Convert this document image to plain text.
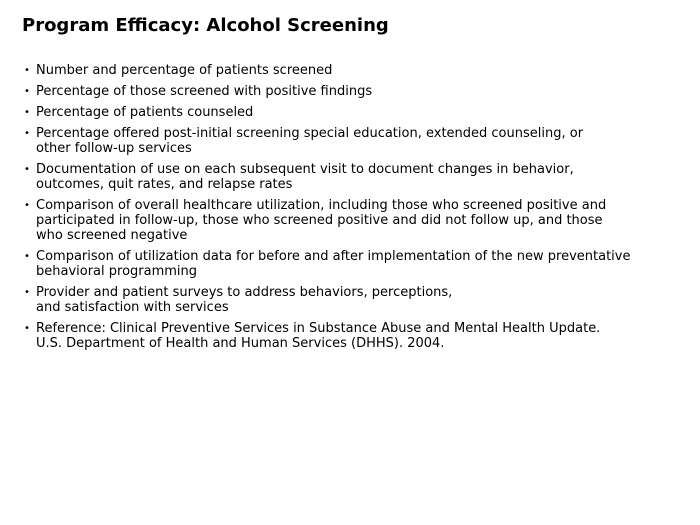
Program Efficacy: Alcohol Screening
• Number and percentage of patients screened
• Percentage of those screened with positive findings
• Percentage of patients counseled
• Percentage offered post-initial screening special education, extended counseling, or
other follow-up services
• Documentation of use on each subsequent visit to document changes in behavior,
outcomes, quit rates, and relapse rates
• Comparison of overall healthcare utilization, including those who screened positive and
participated in follow-up, those who screened positive and did not follow up, and those
who screened negative
• Comparison of utilization data for before and after implementation of the new preventative
behavioral programming
• Provider and patient surveys to address behaviors, perceptions,
and satisfaction with services
• Reference: Clinical Preventive Services in Substance Abuse and Mental Health Update.
U.S. Department of Health and Human Services (DHHS). 2004.
